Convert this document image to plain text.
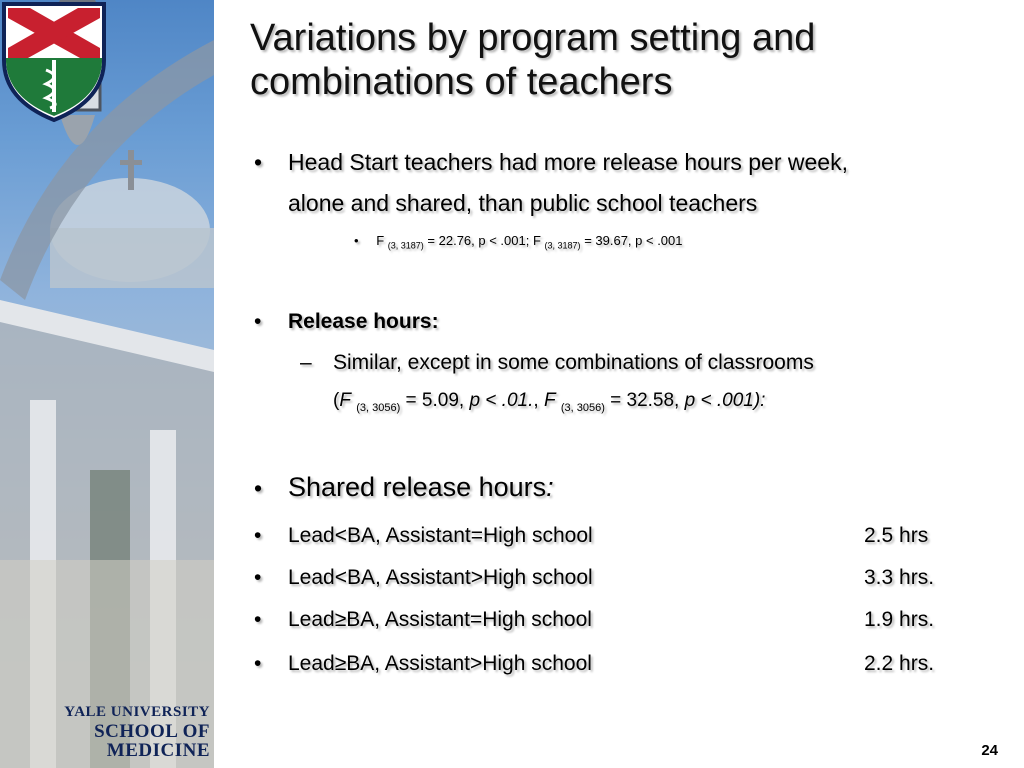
YALE UNIVERSITY
SCHOOL OF
MEDICINE
Variations by program setting and
combinations of teachers
• Head Start teachers had more release hours per week,
alone and shared, than public school teachers
• F $_{(3, 3187)}$ = 22.76, p < .001; F $_{(3, 3187)}$ = 39.67, p < .001
• Release hours:
– Similar, except in some combinations of classrooms
(F $_{(3, 3056)}$ = 5.09, p < .01., F $_{(3, 3056)}$ = 32.58, p < .001):
• Shared release hours:
• Lead<BA, Assistant=High school	2.5 hrs
• Lead<BA, Assistant>High school	3.3 hrs.
• Lead≥BA, Assistant=High school	1.9 hrs.
• Lead≥BA, Assistant>High school	2.2 hrs.
24
